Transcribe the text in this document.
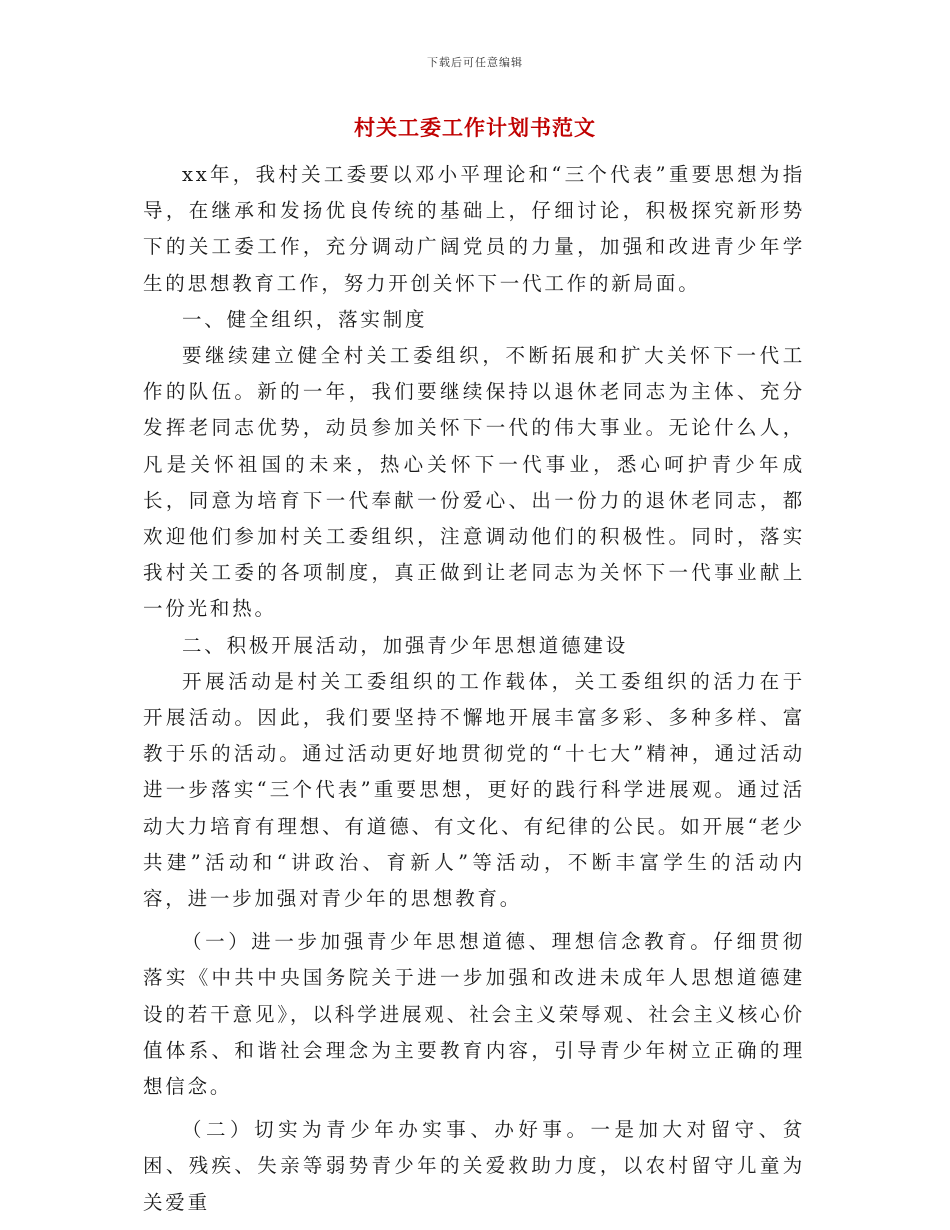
下载后可任意编辑
村关工委工作计划书范文

xx年，我村关工委要以邓小平理论和“三个代表”重要思想为指导，在继承和发扬优良传统的基础上，仔细讨论，积极探究新形势下的关工委工作，充分调动广阔党员的力量，加强和改进青少年学生的思想教育工作，努力开创关怀下一代工作的新局面。

一、健全组织，落实制度

要继续建立健全村关工委组织，不断拓展和扩大关怀下一代工作的队伍。新的一年，我们要继续保持以退休老同志为主体、充分发挥老同志优势，动员参加关怀下一代的伟大事业。无论什么人，凡是关怀祖国的未来，热心关怀下一代事业，悉心呵护青少年成长，同意为培育下一代奉献一份爱心、出一份力的退休老同志，都欢迎他们参加村关工委组织，注意调动他们的积极性。同时，落实我村关工委的各项制度，真正做到让老同志为关怀下一代事业献上一份光和热。

二、积极开展活动，加强青少年思想道德建设

开展活动是村关工委组织的工作载体，关工委组织的活力在于开展活动。因此，我们要坚持不懈地开展丰富多彩、多种多样、富教于乐的活动。通过活动更好地贯彻党的“十七大”精神，通过活动进一步落实“三个代表”重要思想，更好的践行科学进展观。通过活动大力培育有理想、有道德、有文化、有纪律的公民。如开展“老少共建”活动和“讲政治、育新人”等活动，不断丰富学生的活动内容，进一步加强对青少年的思想教育。

（一）进一步加强青少年思想道德、理想信念教育。仔细贯彻落实《中共中央国务院关于进一步加强和改进未成年人思想道德建设的若干意见》，以科学进展观、社会主义荣辱观、社会主义核心价值体系、和谐社会理念为主要教育内容，引导青少年树立正确的理想信念。

（二）切实为青少年办实事、办好事。一是加大对留守、贫困、残疾、失亲等弱势青少年的关爱救助力度，以农村留守儿童为关爱重
